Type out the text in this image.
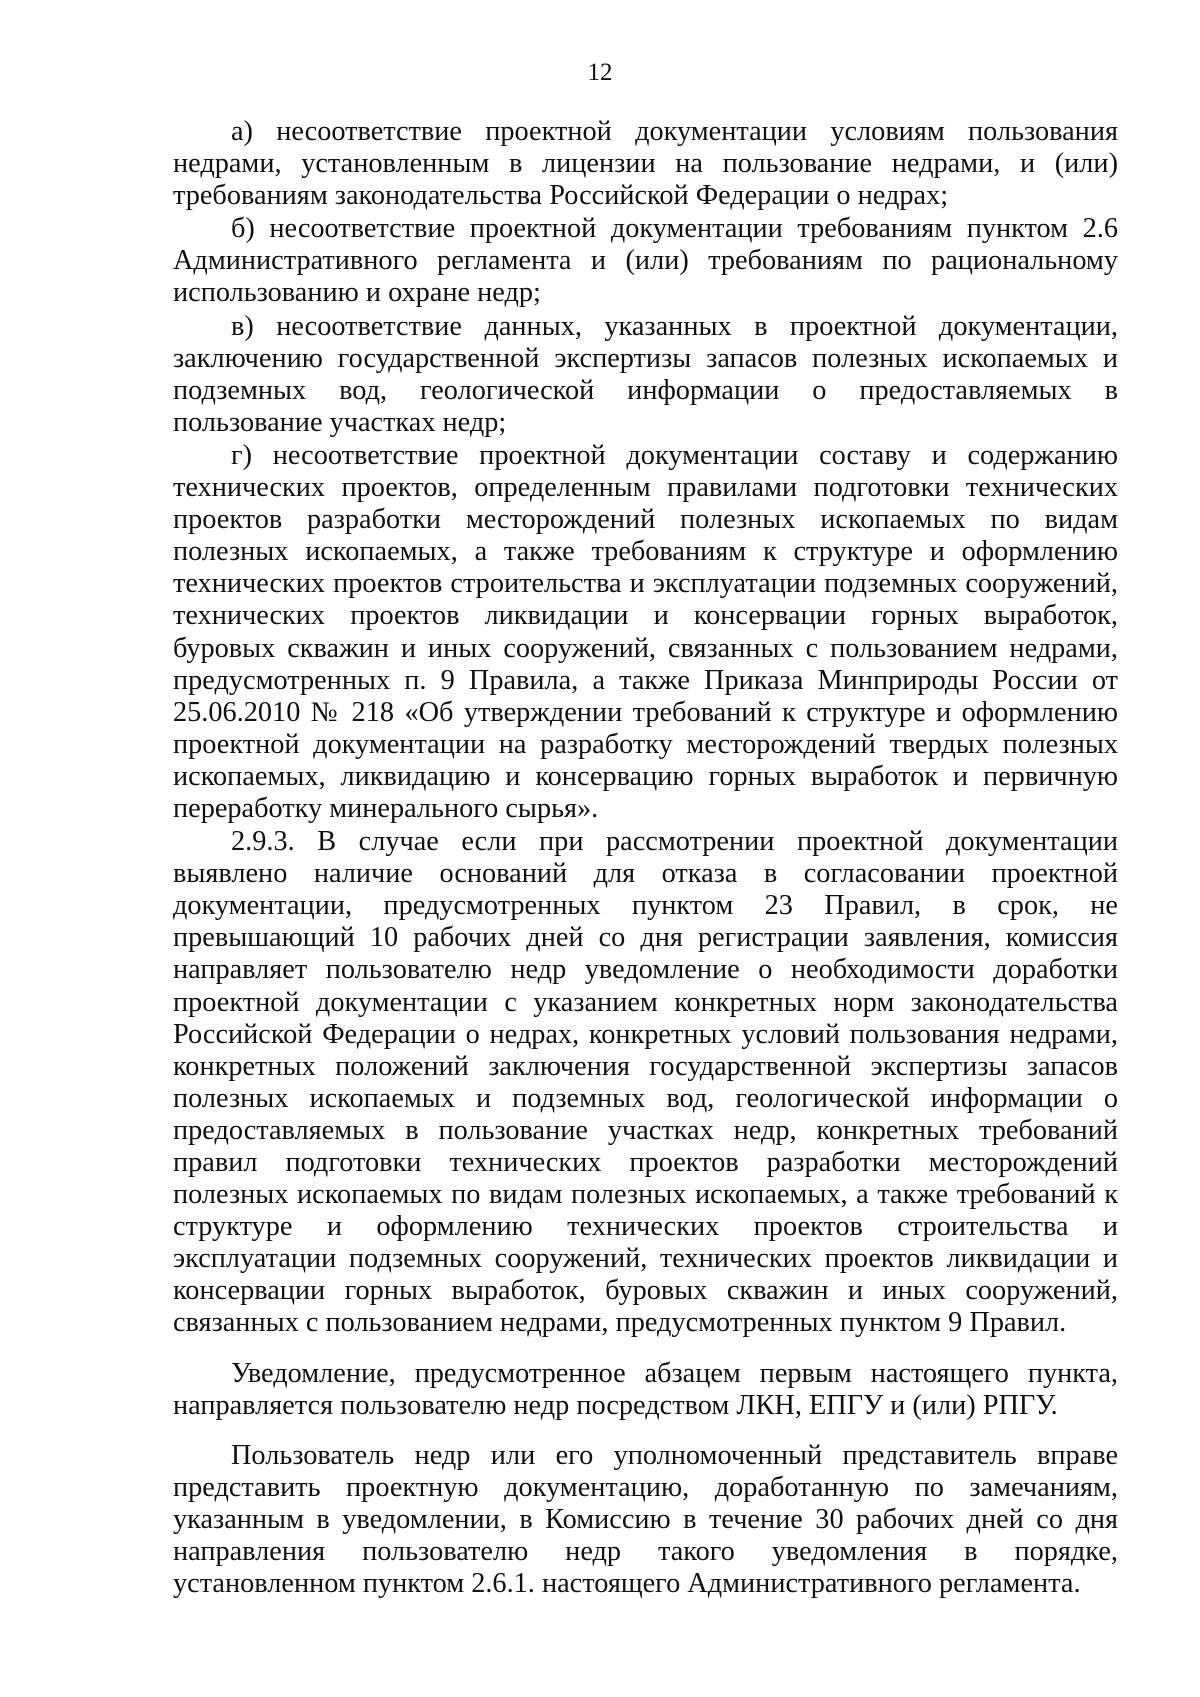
12

а) несоответствие проектной документации условиям пользования недрами, установленным в лицензии на пользование недрами, и (или) требованиям законодательства Российской Федерации о недрах;

б) несоответствие проектной документации требованиям пунктом 2.6 Административного регламента и (или) требованиям по рациональному использованию и охране недр;

в) несоответствие данных, указанных в проектной документации, заключению государственной экспертизы запасов полезных ископаемых и подземных вод, геологической информации о предоставляемых в пользование участках недр;

г) несоответствие проектной документации составу и содержанию технических проектов, определенным правилами подготовки технических проектов разработки месторождений полезных ископаемых по видам полезных ископаемых, а также требованиям к структуре и оформлению технических проектов строительства и эксплуатации подземных сооружений, технических проектов ликвидации и консервации горных выработок, буровых скважин и иных сооружений, связанных с пользованием недрами, предусмотренных п. 9 Правила, а также Приказа Минприроды России от 25.06.2010 № 218 «Об утверждении требований к структуре и оформлению проектной документации на разработку месторождений твердых полезных ископаемых, ликвидацию и консервацию горных выработок и первичную переработку минерального сырья».

2.9.3. В случае если при рассмотрении проектной документации выявлено наличие оснований для отказа в согласовании проектной документации, предусмотренных пунктом 23 Правил, в срок, не превышающий 10 рабочих дней со дня регистрации заявления, комиссия направляет пользователю недр уведомление о необходимости доработки проектной документации с указанием конкретных норм законодательства Российской Федерации о недрах, конкретных условий пользования недрами, конкретных положений заключения государственной экспертизы запасов полезных ископаемых и подземных вод, геологической информации о предоставляемых в пользование участках недр, конкретных требований правил подготовки технических проектов разработки месторождений полезных ископаемых по видам полезных ископаемых, а также требований к структуре и оформлению технических проектов строительства и эксплуатации подземных сооружений, технических проектов ликвидации и консервации горных выработок, буровых скважин и иных сооружений, связанных с пользованием недрами, предусмотренных пунктом 9 Правил.

Уведомление, предусмотренное абзацем первым настоящего пункта, направляется пользователю недр посредством ЛКН, ЕПГУ и (или) РПГУ.

Пользователь недр или его уполномоченный представитель вправе представить проектную документацию, доработанную по замечаниям, указанным в уведомлении, в Комиссию в течение 30 рабочих дней со дня направления пользователю недр такого уведомления в порядке, установленном пунктом 2.6.1. настоящего Административного регламента.
